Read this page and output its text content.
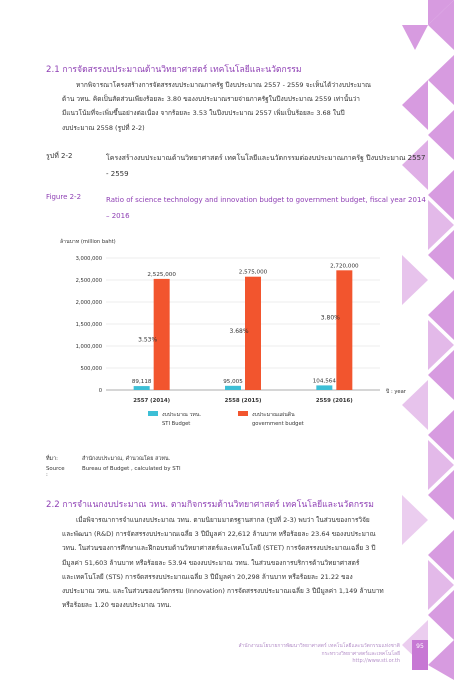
2.1 การจัดสรรงบประมาณด้านวิทยาศาสตร์ เทคโนโลยีและนวัตกรรม
หากพิจารณาโครงสร้างการจัดสรรงบประมาณภาครัฐ ปีงบประมาณ 2557 - 2559 จะเห็นได้ว่างบประมาณ
ด้าน วทน. คิดเป็นสัดส่วนเพียงร้อยละ 3.80 ของงบประมาณรายจ่ายภาครัฐในปีงบประมาณ 2559 เท่านั้นว่า
มีแนวโน้มที่จะเพิ่มขึ้นอย่างต่อเนื่อง จากร้อยละ 3.53 ในปีงบประมาณ 2557 เพิ่มเป็นร้อยละ 3.68 ในปี
งบประมาณ 2558 (รูปที่ 2-2)
รูปที่ 2-2	โครงสร้างงบประมาณด้านวิทยาศาสตร์ เทคโนโลยีและนวัตกรรมต่องบประมาณภาครัฐ ปีงบประมาณ 2557 - 2559
Figure 2-2	Ratio of science technology and innovation budget to government budget, fiscal year 2014 – 2016
ล้านบาท (million baht)
3,000,000
2,500,000
2,000,000
1,500,000
1,000,000
500,000
0	ปี : year
89,118
2,525,000
3.53%
2557 (2014)
95,005
2,575,000
3.68%
2558 (2015)
104,564
2,720,000
3.80%
2559 (2016)
งบประมาณ วทน.
STI Budget
งบประมาณแผ่นดิน
government budget
ที่มา:	สำนักงบประมาณ, คำนวณโดย สวทน.
Source :
Bureau of Budget , calculated by STI
2.2 การจำแนกงบประมาณ วทน. ตามกิจกรรมด้านวิทยาศาสตร์ เทคโนโลยีและนวัตกรรม
เมื่อพิจารณาการจำแนกงบประมาณ วทน. ตามนิยามมาตรฐานสากล (รูปที่ 2-3) พบว่า ในส่วนของการวิจัย
และพัฒนา (R&D) การจัดสรรงบประมาณเฉลี่ย 3 ปีมีมูลค่า 22,612 ล้านบาท หรือร้อยละ 23.64 ของงบประมาณ
วทน. ในส่วนของการศึกษาและฝึกอบรมด้านวิทยาศาสตร์และเทคโนโลยี (STET) การจัดสรรงบประมาณเฉลี่ย 3 ปี
มีมูลค่า 51,603 ล้านบาท หรือร้อยละ 53.94 ของงบประมาณ วทน. ในส่วนของการบริการด้านวิทยาศาสตร์
และเทคโนโลยี (STS) การจัดสรรงบประมาณเฉลี่ย 3 ปีมีมูลค่า 20,298 ล้านบาท หรือร้อยละ 21.22 ของ
งบประมาณ วทน. และในส่วนของนวัตกรรม (Innovation) การจัดสรรงบประมาณเฉลี่ย 3 ปีมีมูลค่า 1,149 ล้านบาท
หรือร้อยละ 1.20 ของงบประมาณ วทน.
สำนักงานนโยบายการพัฒนาวิทยาศาสตร์ เทคโนโลยีและนวัตกรรมแห่งชาติ
กระทรวงวิทยาศาสตร์และเทคโนโลยี
http://www.sti.or.th
95
